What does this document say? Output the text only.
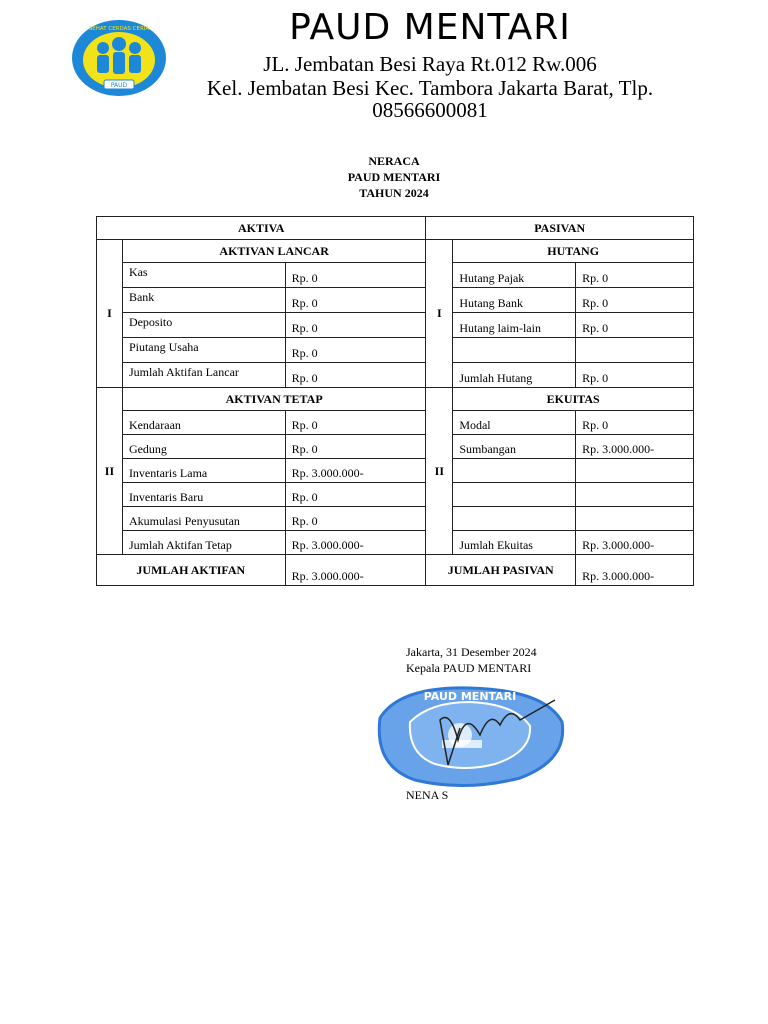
PAUD
SEHAT CERDAS CERIA	PAUD MENTARI
JL. Jembatan Besi Raya Rt.012 Rw.006
Kel. Jembatan Besi Kec. Tambora Jakarta Barat, Tlp.
08566600081
NERACA
PAUD MENTARI
TAHUN 2024
AKTIVA			PASIVAN		
I	AKTIVAN LANCAR		I	HUTANG	
	Kas	Rp. 0		Hutang Pajak	Rp. 0
	Bank	Rp. 0		Hutang Bank	Rp. 0
	Deposito	Rp. 0		Hutang laim-lain	Rp. 0
	Piutang Usaha	Rp. 0			
	Jumlah Aktifan Lancar	Rp. 0		Jumlah Hutang	Rp. 0
II	AKTIVAN TETAP		II	EKUITAS	
	Kendaraan	Rp. 0		Modal	Rp. 0
	Gedung	Rp. 0		Sumbangan	Rp. 3.000.000-
	Inventaris Lama	Rp. 3.000.000-			
	Inventaris Baru	Rp. 0			
	Akumulasi Penyusutan	Rp. 0			
	Jumlah Aktifan Tetap	Rp. 3.000.000-		Jumlah Ekuitas	Rp. 3.000.000-
JUMLAH AKTIFAN		Rp. 3.000.000-	JUMLAH PASIVAN		Rp. 3.000.000-
Jakarta, 31 Desember 2024
Kepala PAUD MENTARI
PAUD MENTARI
NENA S
